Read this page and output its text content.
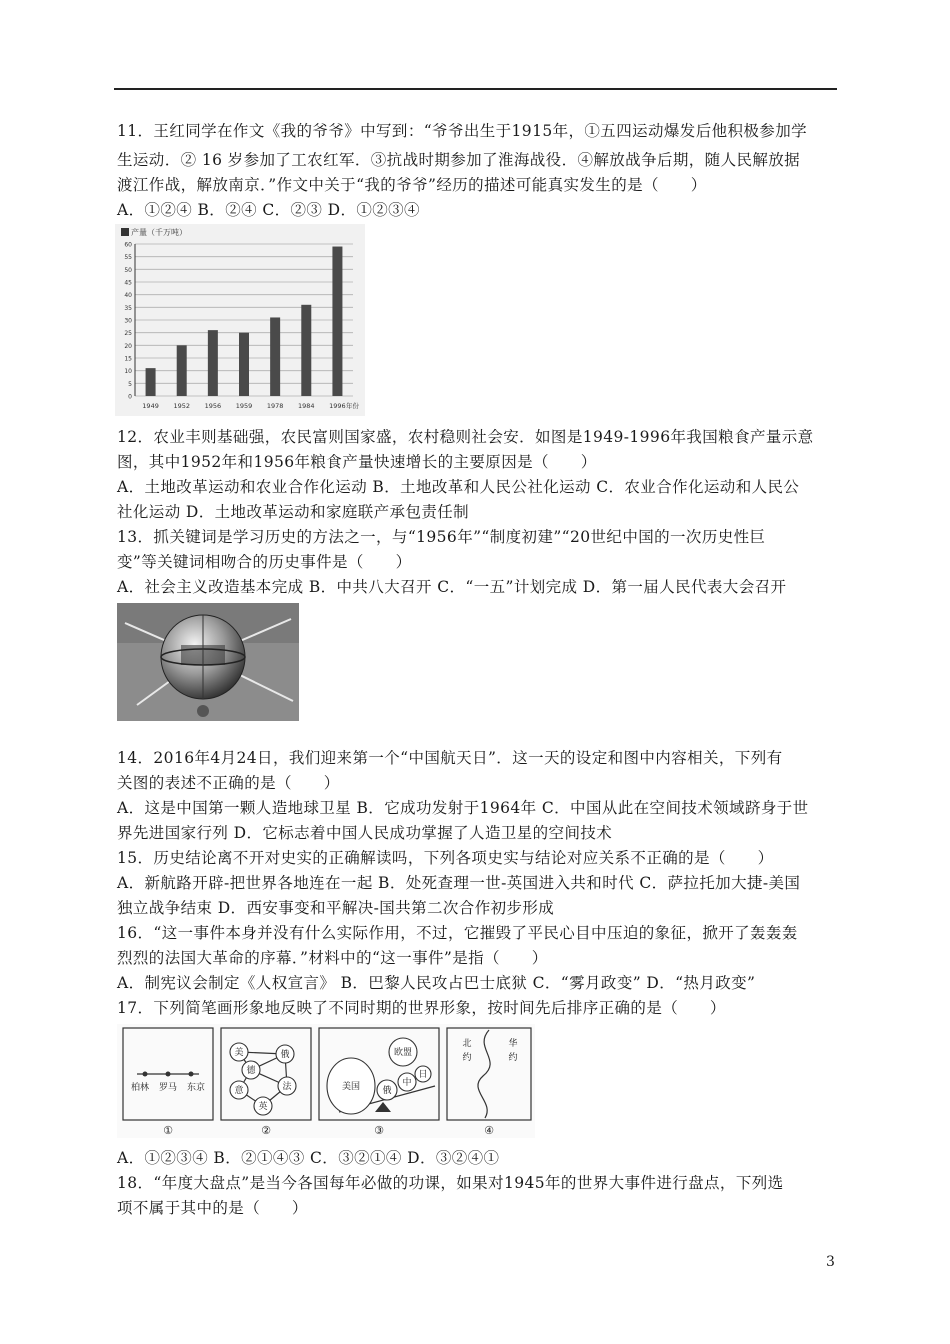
11．王红同学在作文《我的爷爷》中写到：“爷爷出生于1915年，①五四运动爆发后他积极参加学
生运动．② 16 岁参加了工农红军．③抗战时期参加了淮海战役．④解放战争后期，随人民解放据
渡江作战，解放南京．”作文中关于“我的爷爷”经历的描述可能真实发生的是（　　）
A．①②④ B．②④ C．②③ D．①②③④
产量（千万吨）
1949 1952 1956 1959 1978 1984 1996 年份
0
5
10
15
20
25
30
35
40
45
50
55
60
12．农业丰则基础强，农民富则国家盛，农村稳则社会安．如图是1949-1996年我国粮食产量示意
图，其中1952年和1956年粮食产量快速增长的主要原因是（　　）
A．土地改革运动和农业合作化运动 B．土地改革和人民公社化运动 C．农业合作化运动和人民公
社化运动 D．土地改革运动和家庭联产承包责任制
13．抓关键词是学习历史的方法之一，与“1956年”“制度初建”“20世纪中国的一次历史性巨
变”等关键词相吻合的历史事件是（　　）
A．社会主义改造基本完成 B．中共八大召开 C．“一五”计划完成 D．第一届人民代表大会召开
14．2016年4月24日，我们迎来第一个“中国航天日”．这一天的设定和图中内容相关，下列有
关图的表述不正确的是（　　）
A．这是中国第一颗人造地球卫星 B．它成功发射于1964年 C．中国从此在空间技术领域跻身于世
界先进国家行列 D．它标志着中国人民成功掌握了人造卫星的空间技术
15．历史结论离不开对史实的正确解读吗，下列各项史实与结论对应关系不正确的是（　　）
A．新航路开辟-把世界各地连在一起 B．处死查理一世-英国进入共和时代 C．萨拉托加大捷-美国
独立战争结束 D．西安事变和平解决-国共第二次合作初步形成
16．“这一事件本身并没有什么实际作用，不过，它摧毁了平民心目中压迫的象征，掀开了轰轰轰
烈烈的法国大革命的序幕．”材料中的“这一事件”是指（　　）
A．制宪议会制定《人权宣言》 B．巴黎人民攻占巴士底狱 C．“雾月政变” D．“热月政变”
17．下列简笔画形象地反映了不同时期的世界形象，按时间先后排序正确的是（　　）
柏林 罗马 东京
美
德
俄
法
英
意	美国
欧盟
俄
中
日
北
约
华
约
①	②	③	④
A．①②③④ B．②①④③ C．③②①④ D．③②④①
18．“年度大盘点”是当今各国每年必做的功课，如果对1945年的世界大事件进行盘点，下列选
项不属于其中的是（　　）
3
